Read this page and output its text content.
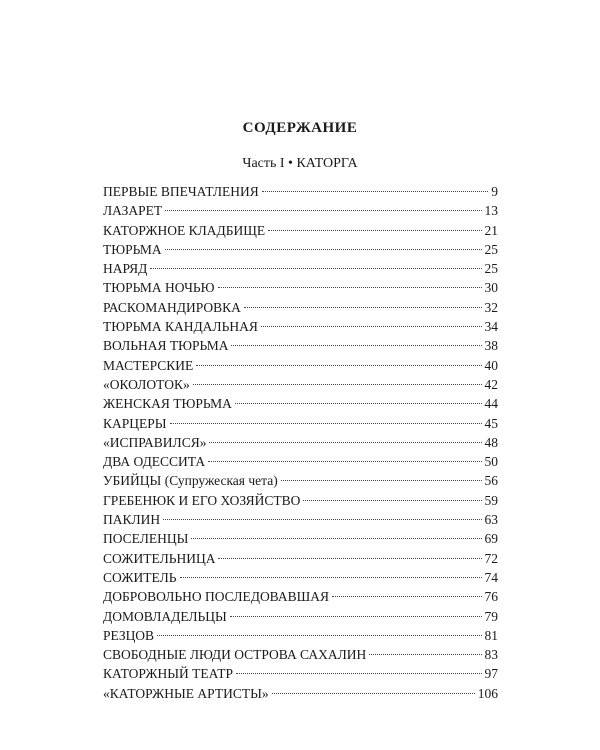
СОДЕРЖАНИЕ
Часть I • КАТОРГА
ПЕРВЫЕ ВПЕЧАТЛЕНИЯ	9
ЛАЗАРЕТ	13
КАТОРЖНОЕ КЛАДБИЩЕ	21
ТЮРЬМА	25
НАРЯД	25
ТЮРЬМА НОЧЬЮ	30
РАСКОМАНДИРОВКА	32
ТЮРЬМА КАНДАЛЬНАЯ	34
ВОЛЬНАЯ ТЮРЬМА	38
МАСТЕРСКИЕ	40
«ОКОЛОТОК»	42
ЖЕНСКАЯ ТЮРЬМА	44
КАРЦЕРЫ	45
«ИСПРАВИЛСЯ»	48
ДВА ОДЕССИТА	50
УБИЙЦЫ (Супружеская чета)	56
ГРЕБЕНЮК И ЕГО ХОЗЯЙСТВО	59
ПАКЛИН	63
ПОСЕЛЕНЦЫ	69
СОЖИТЕЛЬНИЦА	72
СОЖИТЕЛЬ	74
ДОБРОВОЛЬНО ПОСЛЕДОВАВШАЯ	76
ДОМОВЛАДЕЛЬЦЫ	79
РЕЗЦОВ	81
СВОБОДНЫЕ ЛЮДИ ОСТРОВА САХАЛИН	83
КАТОРЖНЫЙ ТЕАТР	97
«КАТОРЖНЫЕ АРТИСТЫ»	106
